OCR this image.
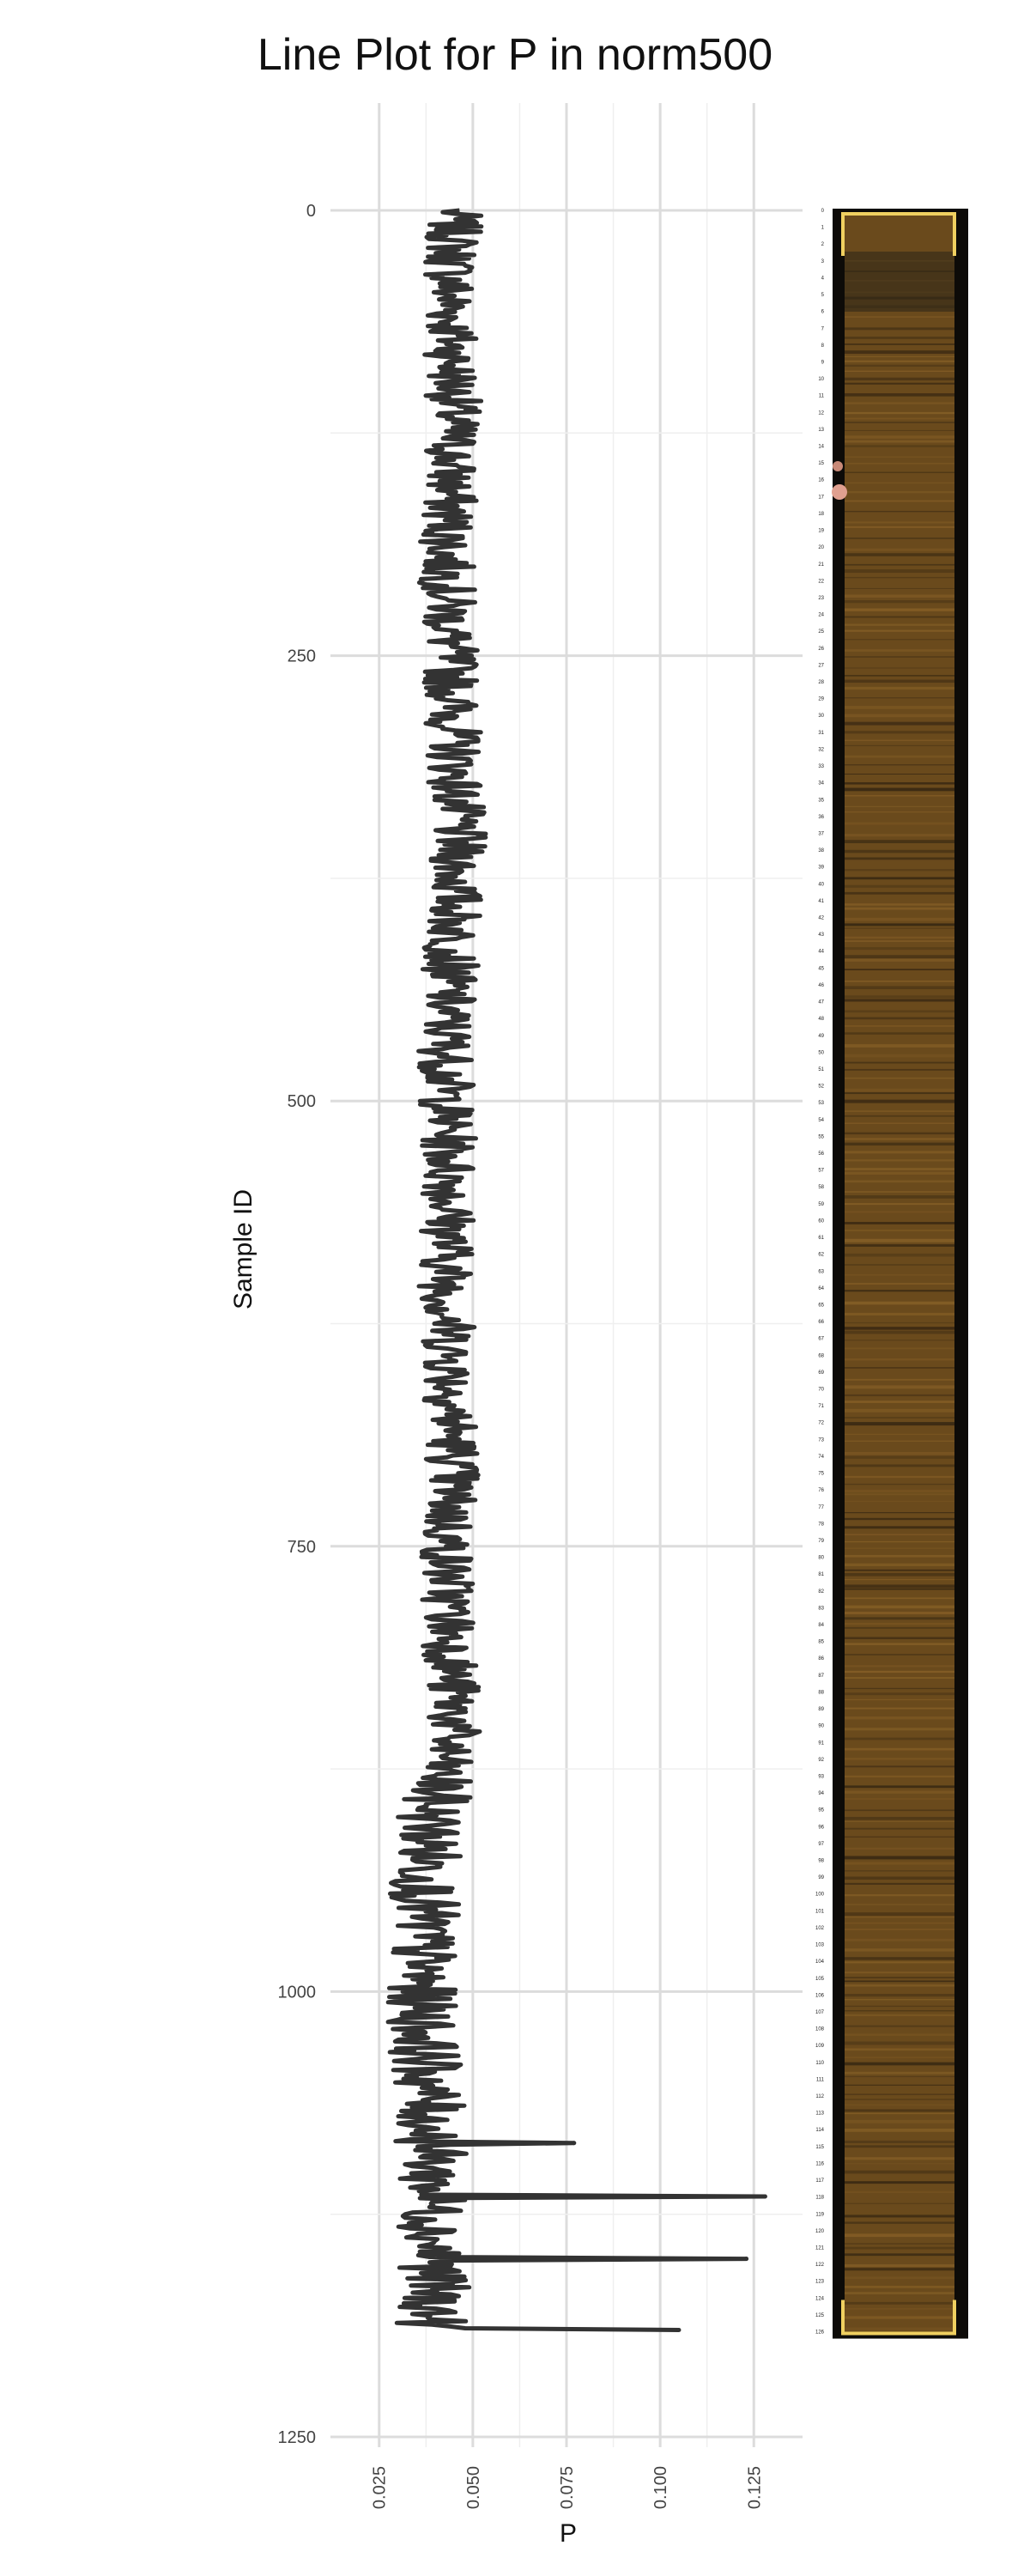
Line Plot for P in norm500
Sample ID
P
0
250
500
750
1000
1250
0.025	0.050	0.075	0.100	0.125
0
1
2
3
4
5
6
7
8
9
10
11
12
13
14
15
16
17
18
19
20
21
22
23
24
25
26
27
28
29
30
31
32
33
34
35
36
37
38
39
40
41
42
43
44
45
46
47
48
49
50
51
52
53
54
55
56
57
58
59
60
61
62
63
64
65
66
67
68
69
70
71
72
73
74
75
76
77
78
79
80
81
82
83
84
85
86
87
88
89
90
91
92
93
94
95
96
97
98
99
100
101
102
103
104
105
106
107
108
109
110
111
112
113
114
115
116
117
118
119
120
121
122
123
124
125
126
